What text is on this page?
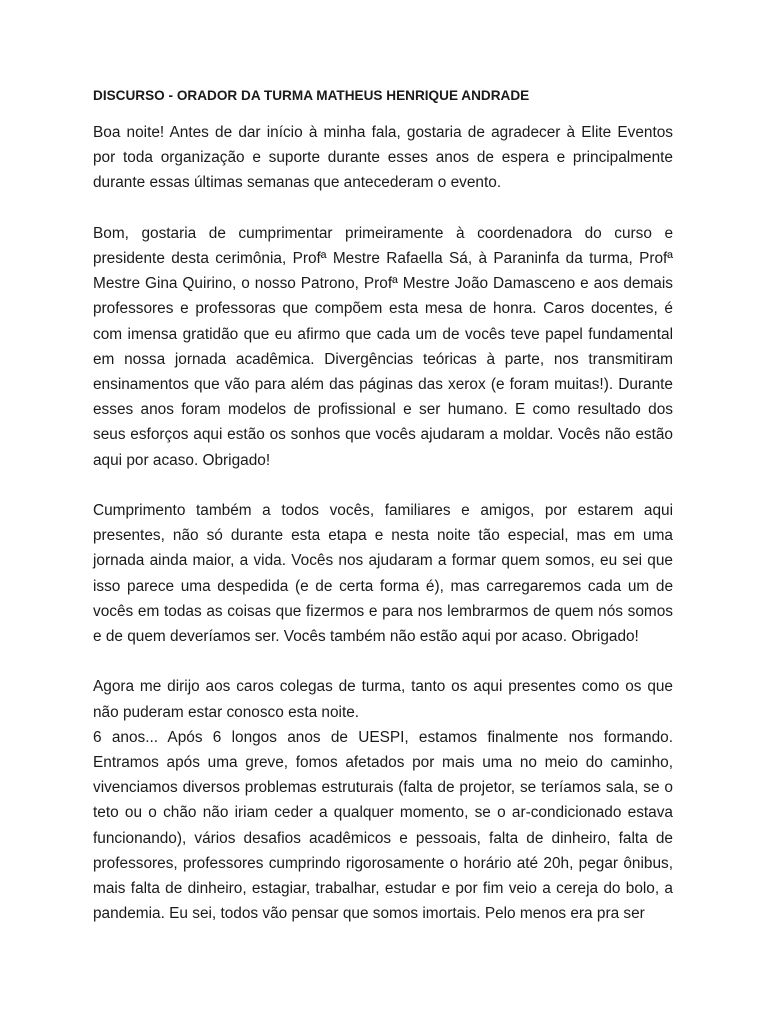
DISCURSO - ORADOR DA TURMA MATHEUS HENRIQUE ANDRADE

Boa noite! Antes de dar início à minha fala, gostaria de agradecer à Elite Eventos por toda organização e suporte durante esses anos de espera e principalmente durante essas últimas semanas que antecederam o evento.

Bom, gostaria de cumprimentar primeiramente à coordenadora do curso e presidente desta cerimônia, Profª Mestre Rafaella Sá, à Paraninfa da turma, Profª Mestre Gina Quirino, o nosso Patrono, Profª Mestre João Damasceno e aos demais professores e professoras que compõem esta mesa de honra. Caros docentes, é com imensa gratidão que eu afirmo que cada um de vocês teve papel fundamental em nossa jornada acadêmica. Divergências teóricas à parte, nos transmitiram ensinamentos que vão para além das páginas das xerox (e foram muitas!). Durante esses anos foram modelos de profissional e ser humano. E como resultado dos seus esforços aqui estão os sonhos que vocês ajudaram a moldar. Vocês não estão aqui por acaso. Obrigado!

Cumprimento também a todos vocês, familiares e amigos, por estarem aqui presentes, não só durante esta etapa e nesta noite tão especial, mas em uma jornada ainda maior, a vida. Vocês nos ajudaram a formar quem somos, eu sei que isso parece uma despedida (e de certa forma é), mas carregaremos cada um de vocês em todas as coisas que fizermos e para nos lembrarmos de quem nós somos e de quem deveríamos ser. Vocês também não estão aqui por acaso. Obrigado!

Agora me dirijo aos caros colegas de turma, tanto os aqui presentes como os que não puderam estar conosco esta noite.

6 anos... Após 6 longos anos de UESPI, estamos finalmente nos formando. Entramos após uma greve, fomos afetados por mais uma no meio do caminho, vivenciamos diversos problemas estruturais (falta de projetor, se teríamos sala, se o teto ou o chão não iriam ceder a qualquer momento, se o ar-condicionado estava funcionando), vários desafios acadêmicos e pessoais, falta de dinheiro, falta de professores, professores cumprindo rigorosamente o horário até 20h, pegar ônibus, mais falta de dinheiro, estagiar, trabalhar, estudar e por fim veio a cereja do bolo, a pandemia. Eu sei, todos vão pensar que somos imortais. Pelo menos era pra ser
